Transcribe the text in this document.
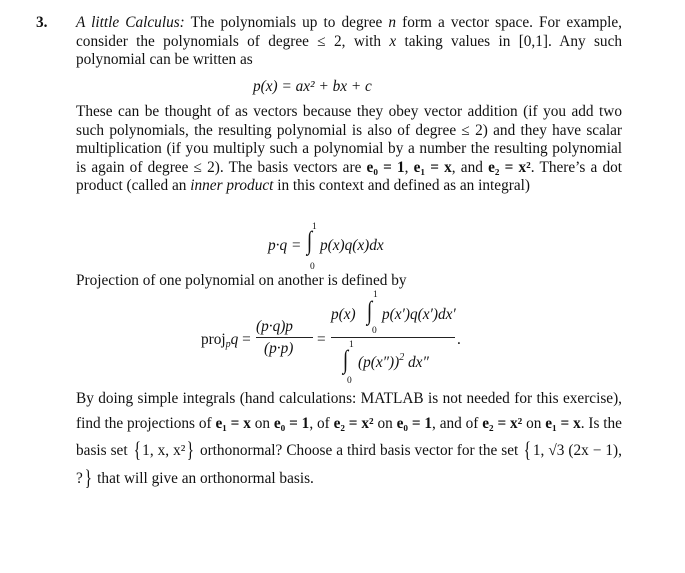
3. A little Calculus: The polynomials up to degree n form a vector space. For example, consider the polynomials of degree ≤ 2, with x taking values in [0,1]. Any such polynomial can be written as

p(x) = ax² + bx + c

These can be thought of as vectors because they obey vector addition (if you add two such polynomials, the resulting polynomial is also of degree ≤ 2) and they have scalar multiplication (if you multiply such a polynomial by a number the resulting polynomial is again of degree ≤ 2). The basis vectors are e₀ = 1, e₁ = x, and e₂ = x². There’s a dot product (called an inner product in this context and defined as an integral)

p·q =
1
∫
0
p(x)q(x)dx
Projection of one polynomial on another is defined by
projpq =
(p·q)p
(p·p)
=
p(x)
1
∫
0
p(x′)q(x′)dx′
.
1
∫
0
$(p(x''))^2$ dx″

By doing simple integrals (hand calculations: MATLAB is not needed for this exercise), find the projections of e₁ = x on e₀ = 1, of e₂ = x² on e₀ = 1, and of e₂ = x² on e₁ = x. Is the basis set { 1, x, x²} orthonormal? Choose a third basis vector for the set { 1, √3 (2x − 1), ?} that will give an orthonormal basis.
